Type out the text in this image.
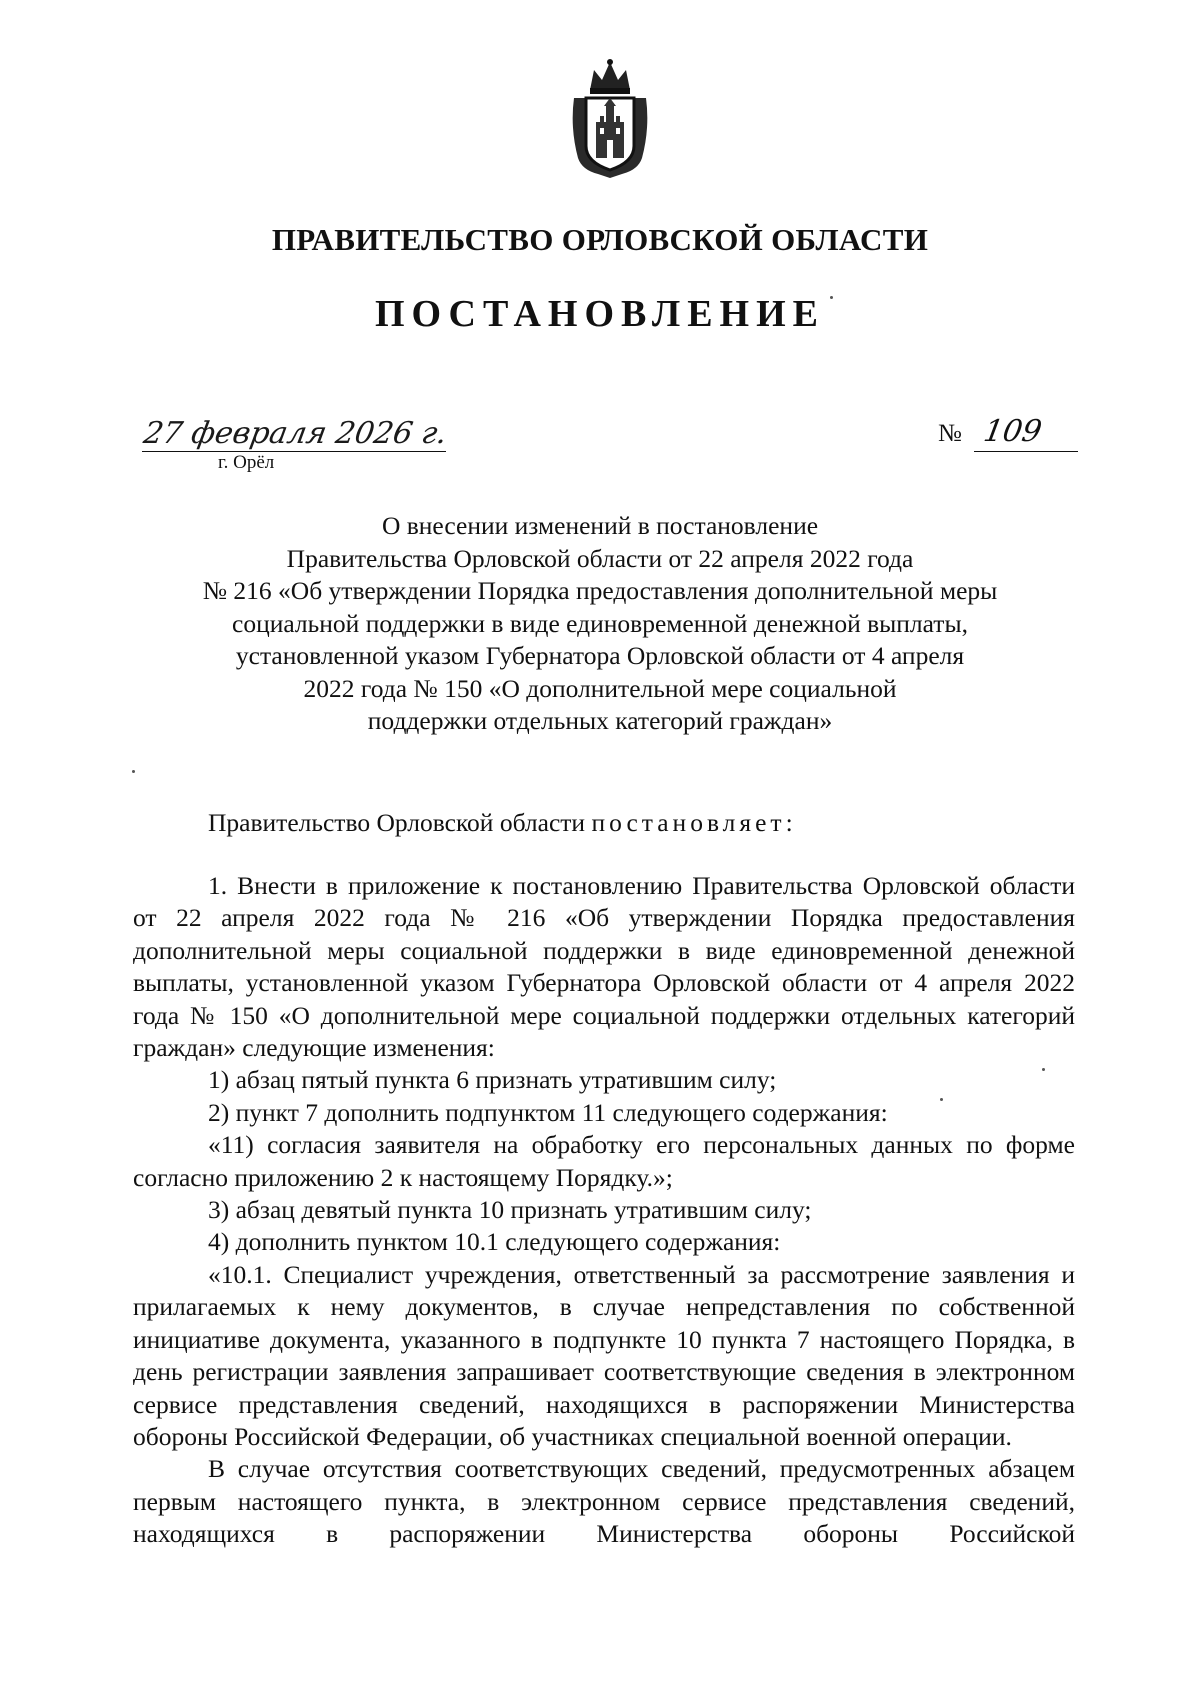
ПРАВИТЕЛЬСТВО ОРЛОВСКОЙ ОБЛАСТИ
ПОСТАНОВЛЕНИЕ
27 февраля 2026 г.
г. Орёл
№ 109
О внесении изменений в постановление
Правительства Орловской области от 22 апреля 2022 года
№ 216 «Об утверждении Порядка предоставления дополнительной меры
социальной поддержки в виде единовременной денежной выплаты,
установленной указом Губернатора Орловской области от 4 апреля
2022 года № 150 «О дополнительной мере социальной
поддержки отдельных категорий граждан»
Правительство Орловской области постановляет:

1. Внести в приложение к постановлению Правительства Орловской области от 22 апреля 2022 года № 216 «Об утверждении Порядка предоставления дополнительной меры социальной поддержки в виде единовременной денежной выплаты, установленной указом Губернатора Орловской области от 4 апреля 2022 года № 150 «О дополнительной мере социальной поддержки отдельных категорий граждан» следующие изменения:

1) абзац пятый пункта 6 признать утратившим силу;

2) пункт 7 дополнить подпунктом 11 следующего содержания:

«11) согласия заявителя на обработку его персональных данных по форме согласно приложению 2 к настоящему Порядку.»;

3) абзац девятый пункта 10 признать утратившим силу;

4) дополнить пунктом 10.1 следующего содержания:

«10.1. Специалист учреждения, ответственный за рассмотрение заявления и прилагаемых к нему документов, в случае непредставления по собственной инициативе документа, указанного в подпункте 10 пункта 7 настоящего Порядка, в день регистрации заявления запрашивает соответствующие сведения в электронном сервисе представления сведений, находящихся в распоряжении Министерства обороны Российской Федерации, об участниках специальной военной операции.

В случае отсутствия соответствующих сведений, предусмотренных абзацем первым настоящего пункта, в электронном сервисе представления сведений, находящихся в распоряжении Министерства обороны Российской
